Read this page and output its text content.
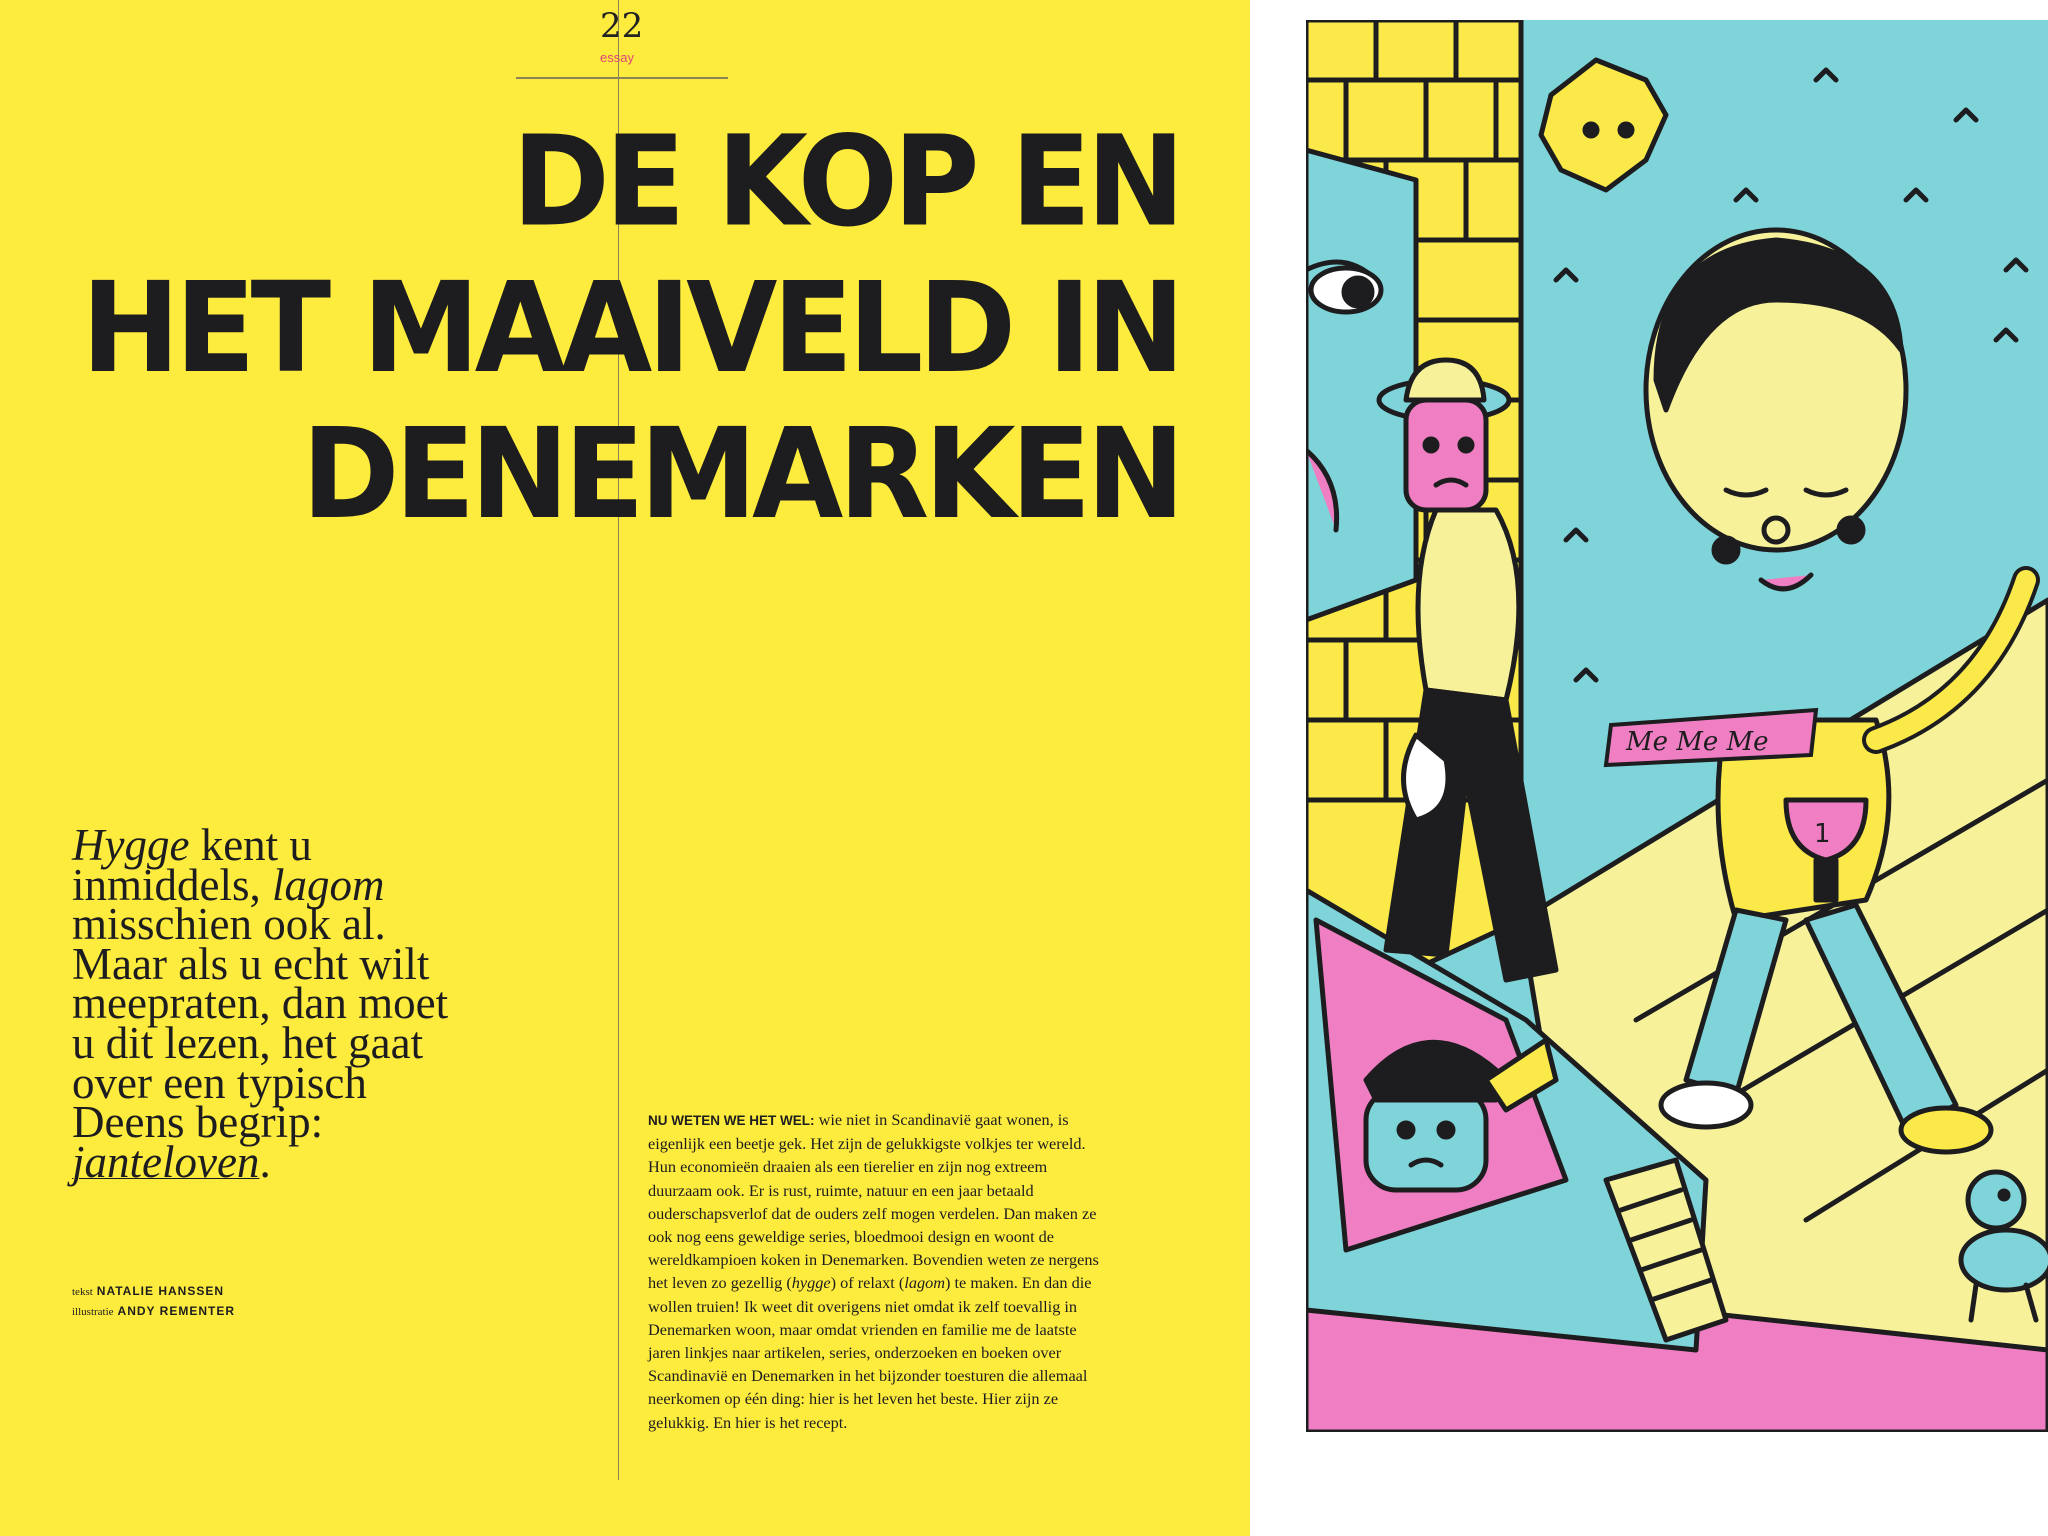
22
essay
DE KOP EN
HET MAAIVELD IN
DENEMARKEN
Hygge kent u inmiddels, lagom misschien ook al. Maar als u echt wilt meepraten, dan moet u dit lezen, het gaat over een typisch Deens begrip: janteloven.
tekst NATALIE HANSSEN
illustratie ANDY REMENTER
NU WETEN WE HET WEL: wie niet in Scandinavië gaat wonen, is eigenlijk een beetje gek. Het zijn de gelukkigste volkjes ter wereld. Hun economieën draaien als een tierelier en zijn nog extreem duurzaam ook. Er is rust, ruimte, natuur en een jaar betaald ouderschapsverlof dat de ouders zelf mogen verdelen. Dan maken ze ook nog eens geweldige series, bloedmooi design en woont de wereldkampioen koken in Denemarken. Bovendien weten ze nergens het leven zo gezellig (hygge) of relaxt (lagom) te maken. En dan die wollen truien! Ik weet dit overigens niet omdat ik zelf toevallig in Denemarken woon, maar omdat vrienden en familie me de laatste jaren linkjes naar artikelen, series, onderzoeken en boeken over Scandinavië en Denemarken in het bijzonder toesturen die allemaal neerkomen op één ding: hier is het leven het beste. Hier zijn ze gelukkig. En hier is het recept.
Me Me Me
1
